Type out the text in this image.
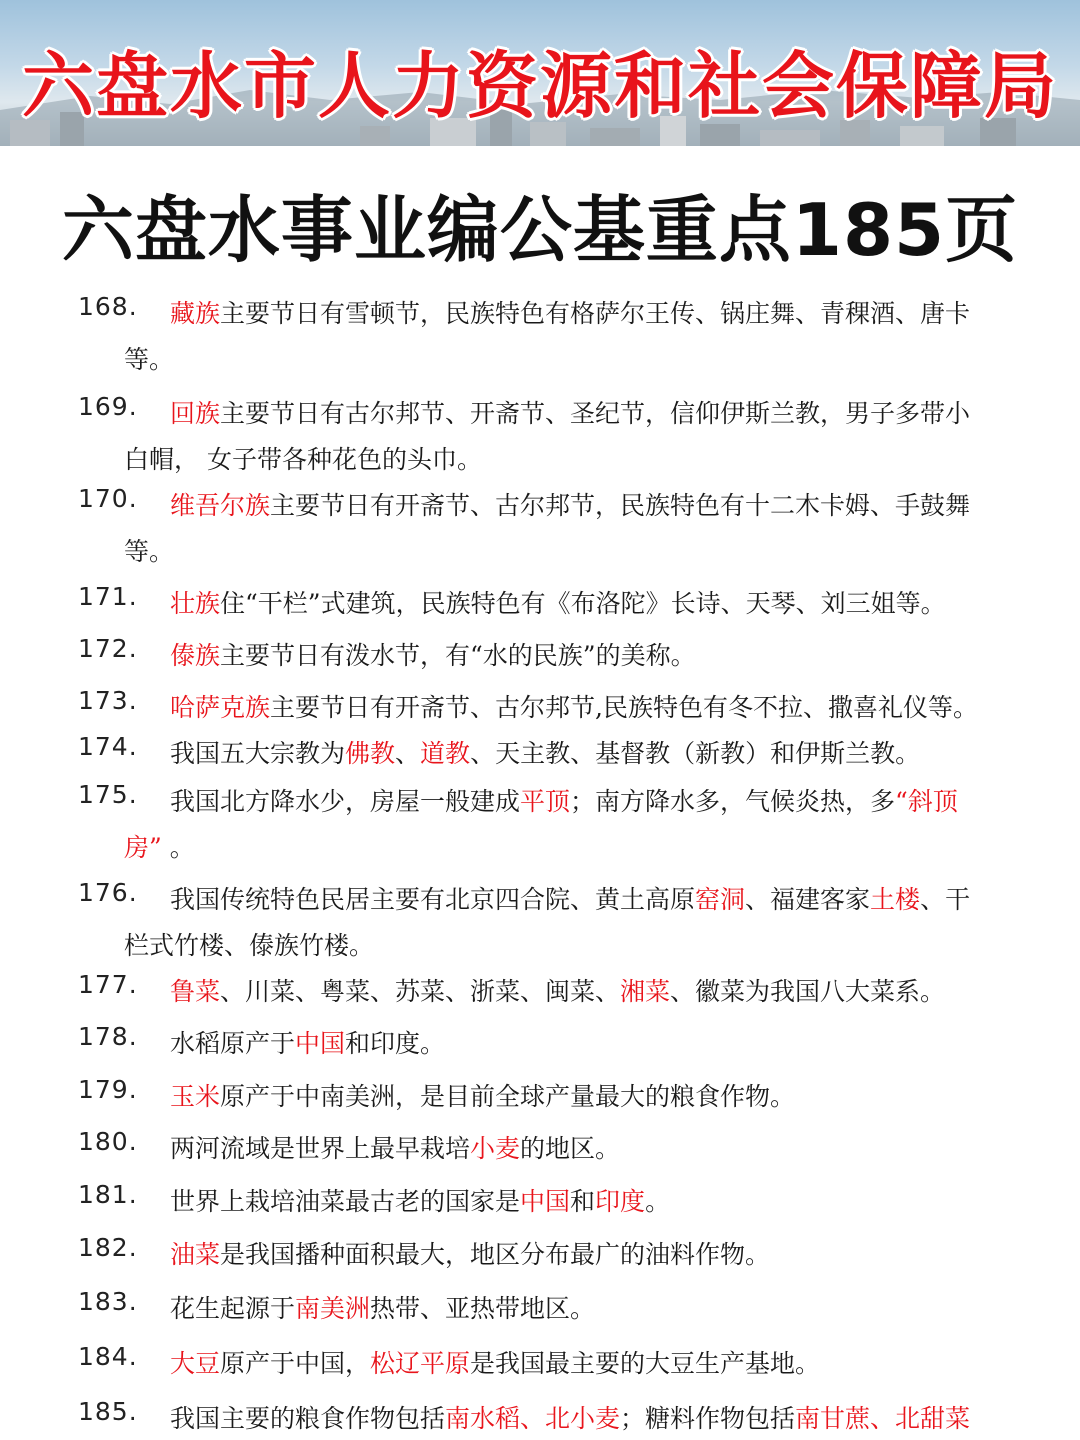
六盘水市人力资源和社会保障局
六盘水事业编公基重点185页
168. 藏族主要节日有雪顿节，民族特色有格萨尔王传、锅庄舞、青稞酒、唐卡
等。
169. 回族主要节日有古尔邦节、开斋节、圣纪节，信仰伊斯兰教，男子多带小
白帽， 女子带各种花色的头巾。
170. 维吾尔族主要节日有开斋节、古尔邦节，民族特色有十二木卡姆、手鼓舞
等。
171. 壮族住“干栏”式建筑，民族特色有《布洛陀》长诗、天琴、刘三姐等。
172. 傣族主要节日有泼水节，有“水的民族”的美称。
173. 哈萨克族主要节日有开斋节、古尔邦节,民族特色有冬不拉、撒喜礼仪等。
174. 我国五大宗教为佛教、道教、天主教、基督教（新教）和伊斯兰教。
175. 我国北方降水少，房屋一般建成平顶；南方降水多，气候炎热，多“斜顶
房” 。
176. 我国传统特色民居主要有北京四合院、黄土高原窑洞、福建客家土楼、干
栏式竹楼、傣族竹楼。
177. 鲁菜、川菜、粤菜、苏菜、浙菜、闽菜、湘菜、徽菜为我国八大菜系。
178. 水稻原产于中国和印度。
179. 玉米原产于中南美洲，是目前全球产量最大的粮食作物。
180. 两河流域是世界上最早栽培小麦的地区。
181. 世界上栽培油菜最古老的国家是中国和印度。
182. 油菜是我国播种面积最大，地区分布最广的油料作物。
183. 花生起源于南美洲热带、亚热带地区。
184. 大豆原产于中国，松辽平原是我国最主要的大豆生产基地。
185. 我国主要的粮食作物包括南水稻、北小麦；糖料作物包括南甘蔗、北甜菜
